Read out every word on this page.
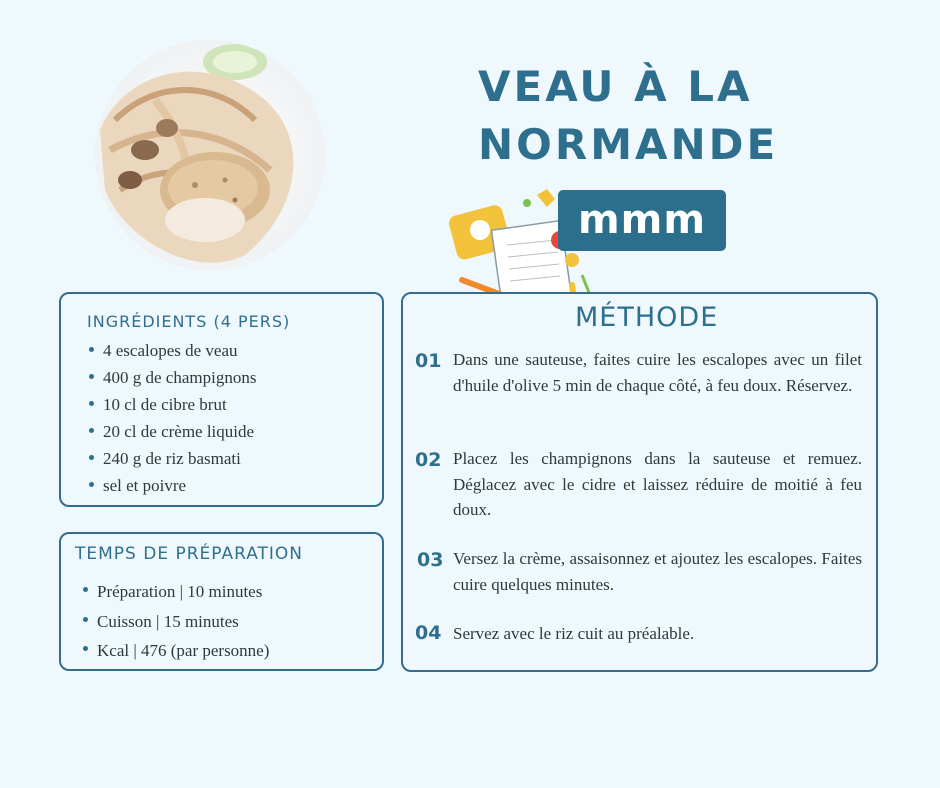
VEAU À LA NORMANDE
mmm
INGRÉDIENTS (4 PERS)
4 escalopes de veau
400 g de champignons
10 cl de cibre brut
20 cl de crème liquide
240 g de riz basmati
sel et poivre
TEMPS DE PRÉPARATION
Préparation | 10 minutes
Cuisson | 15 minutes
Kcal | 476 (par personne)
MÉTHODE
01 Dans une sauteuse, faites cuire les escalopes avec un filet d'huile d'olive 5 min de chaque côté, à feu doux. Réservez.
02 Placez les champignons dans la sauteuse et remuez. Déglacez avec le cidre et laissez réduire de moitié à feu doux.
03 Versez la crème, assaisonnez et ajoutez les escalopes. Faites cuire quelques minutes.
04 Servez avec le riz cuit au préalable.
